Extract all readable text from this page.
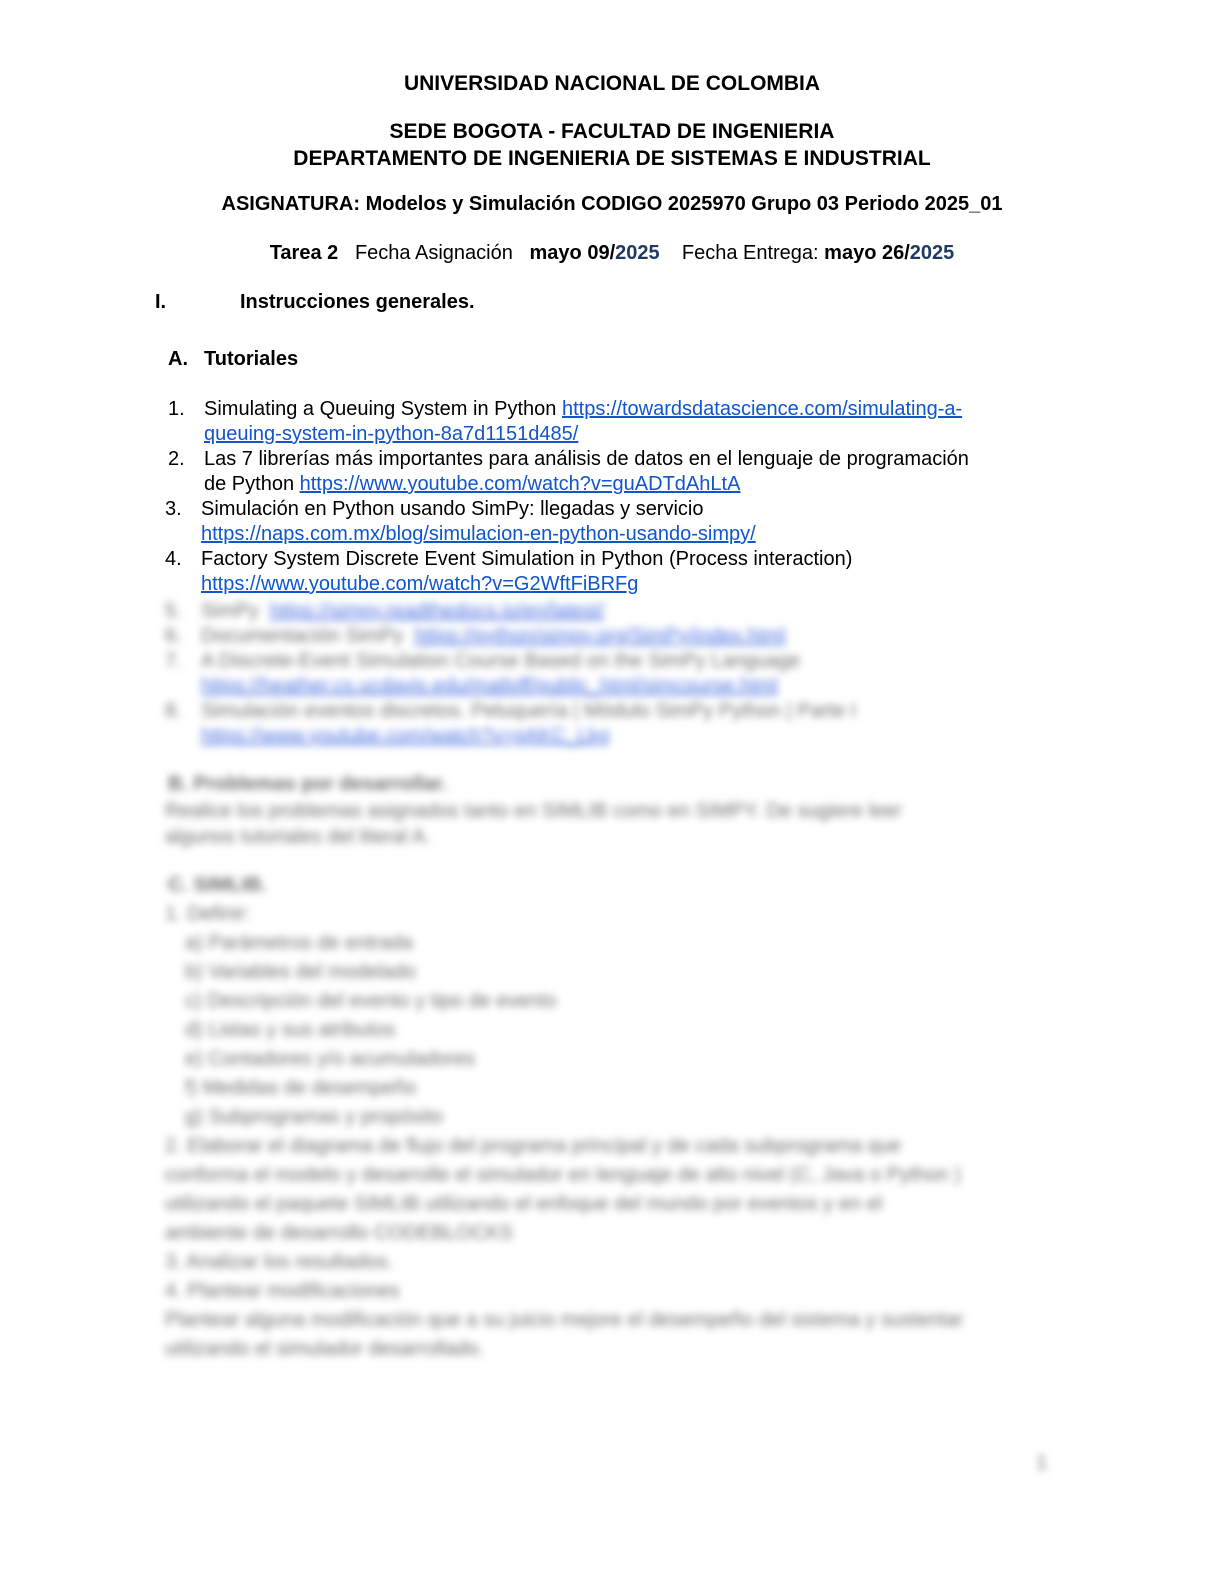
UNIVERSIDAD NACIONAL DE COLOMBIA
SEDE BOGOTA - FACULTAD DE INGENIERIA
DEPARTAMENTO DE INGENIERIA DE SISTEMAS E INDUSTRIAL
ASIGNATURA: Modelos y Simulación CODIGO 2025970 Grupo 03 Periodo 2025_01
Tarea 2 Fecha Asignación mayo 09/2025 Fecha Entrega: mayo 26/2025
I.	Instrucciones generales.
A. Tutoriales
1. Simulating a Queuing System in Python https://towardsdatascience.com/simulating-a-
queuing-system-in-python-8a7d1151d485/
2. Las 7 librerías más importantes para análisis de datos en el lenguaje de programación
de Python https://www.youtube.com/watch?v=guADTdAhLtA
3. Simulación en Python usando SimPy: llegadas y servicio
https://naps.com.mx/blog/simulacion-en-python-usando-simpy/
4. Factory System Discrete Event Simulation in Python (Process interaction)
https://www.youtube.com/watch?v=G2WftFiBRFg
5. SimPy https://simpy.readthedocs.io/en/latest/
6. Documentación SimPy https://python/simpy.org/SimPy/index.html
7. A Discrete-Event Simulation Course Based on the SimPy Language
https://heather.cs.ucdavis.edu/matloff/public_html/simcourse.html
8. Simulación eventos discretos. Peluquería | Módulo SimPy Python | Parte I
https://www.youtube.com/watch?v=gAKC_Lkg
B. Problemas por desarrollar.
Realice los problemas asignados tanto en SIMLIB como en SIMPY. De sugiere leer
algunos tutoriales del literal A.
C. SIMLIB.
1. Definir:
a) Parámetros de entrada
b) Variables del modelado
c) Descripción del evento y tipo de evento
d) Listas y sus atributos
e) Contadores y/o acumuladores
f) Medidas de desempeño
g) Subprogramas y propósito
2. Elaborar el diagrama de flujo del programa principal y de cada subprograma que
conforma el modelo y desarrolle el simulador en lenguaje de alto nivel (C, Java o Python )
utilizando el paquete SIMLIB utilizando el enfoque del mundo por eventos y en el
ambiente de desarrollo CODEBLOCKS
3. Analizar los resultados.
4. Plantear modificaciones
Plantear alguna modificación que a su juicio mejore el desempeño del sistema y sustentar
utilizando el simulador desarrollado.
1
